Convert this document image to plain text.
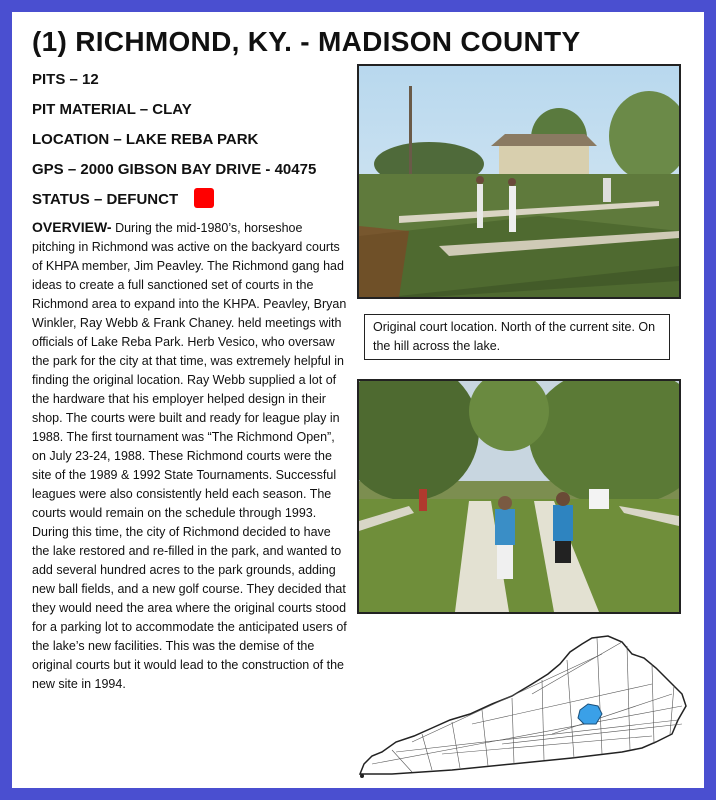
(1) RICHMOND, KY. - MADISON COUNTY
PITS – 12
PIT MATERIAL – CLAY
LOCATION – LAKE REBA PARK
GPS – 2000 GIBSON BAY DRIVE - 40475
STATUS – DEFUNCT
OVERVIEW- During the mid-1980’s, horseshoe pitching in Richmond was active on the backyard courts of KHPA member, Jim Peavley. The Richmond gang had ideas to create a full sanctioned set of courts in the Richmond area to expand into the KHPA. Peavley, Bryan Winkler, Ray Webb & Frank Chaney. held meetings with officials of Lake Reba Park. Herb Vesico, who oversaw the park for the city at that time, was extremely helpful in finding the original location. Ray Webb supplied a lot of the hardware that his employer helped design in their shop. The courts were built and ready for league play in 1988. The first tournament was “The Richmond Open”, on July 23-24, 1988. These Richmond courts were the site of the 1989 & 1992 State Tournaments. Successful leagues were also consistently held each season. The courts would remain on the schedule through 1993. During this time, the city of Richmond decided to have the lake restored and re-filled in the park, and wanted to add several hundred acres to the park grounds, adding new ball fields, and a new golf course. They decided that they would need the area where the original courts stood for a parking lot to accommodate the anticipated users of the lake’s new facilities. This was the demise of the original courts but it would lead to the construction of the new site in 1994.
Original court location. North of the current site. On the hill across the lake.
